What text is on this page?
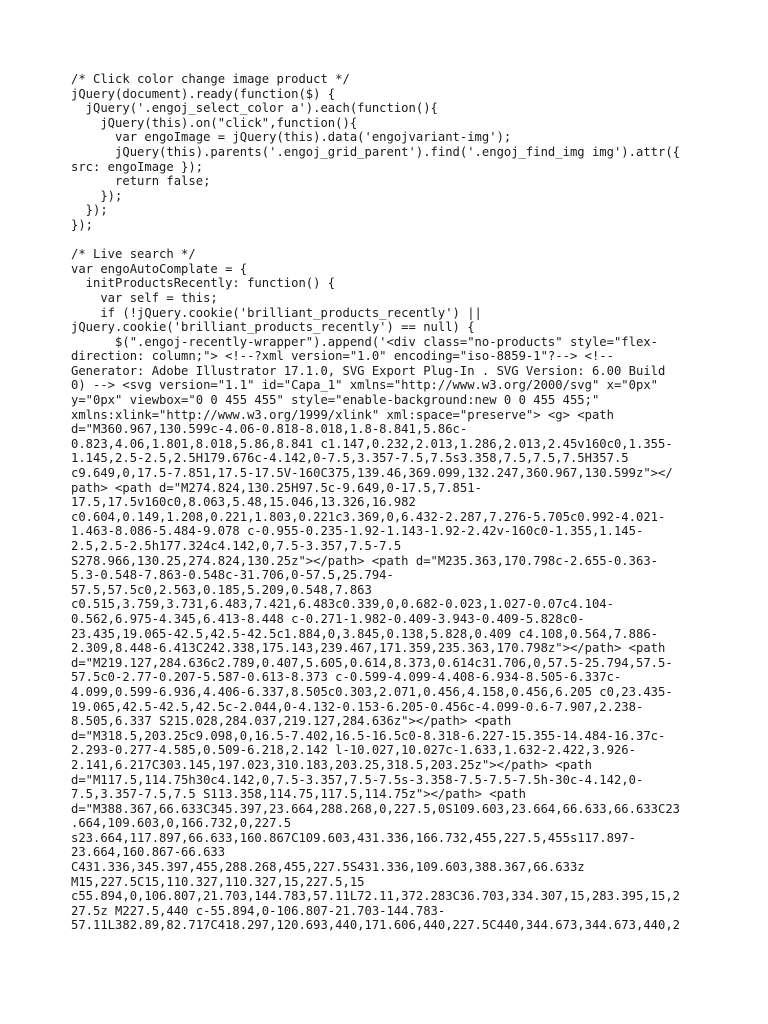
/* Click color change image product */
jQuery(document).ready(function($) {
jQuery('.engoj_select_color a').each(function(){
jQuery(this).on("click",function(){
var engoImage = jQuery(this).data('engojvariant-img');
jQuery(this).parents('.engoj_grid_parent').find('.engoj_find_img img').attr({
src: engoImage });
return false;
});
});
});
/* Live search */
var engoAutoComplate = {
initProductsRecently: function() {
var self = this;
if (!jQuery.cookie('brilliant_products_recently') ||
jQuery.cookie('brilliant_products_recently') == null) {
$(".engoj-recently-wrapper").append('<div class="no-products" style="flex-
direction: column;"> <!--?xml version="1.0" encoding="iso-8859-1"?--> <!--
Generator: Adobe Illustrator 17.1.0, SVG Export Plug-In . SVG Version: 6.00 Build
0) --> <svg version="1.1" id="Capa_1" xmlns="http://www.w3.org/2000/svg" x="0px"
y="0px" viewbox="0 0 455 455" style="enable-background:new 0 0 455 455;"
xmlns:xlink="http://www.w3.org/1999/xlink" xml:space="preserve"> <g> <path
d="M360.967,130.599c-4.06-0.818-8.018,1.8-8.841,5.86c-
0.823,4.06,1.801,8.018,5.86,8.841 c1.147,0.232,2.013,1.286,2.013,2.45v160c0,1.355-
1.145,2.5-2.5,2.5H179.676c-4.142,0-7.5,3.357-7.5,7.5s3.358,7.5,7.5,7.5H357.5
c9.649,0,17.5-7.851,17.5-17.5V-160C375,139.46,369.099,132.247,360.967,130.599z"></
path> <path d="M274.824,130.25H97.5c-9.649,0-17.5,7.851-
17.5,17.5v160c0,8.063,5.48,15.046,13.326,16.982
c0.604,0.149,1.208,0.221,1.803,0.221c3.369,0,6.432-2.287,7.276-5.705c0.992-4.021-
1.463-8.086-5.484-9.078 c-0.955-0.235-1.92-1.143-1.92-2.42v-160c0-1.355,1.145-
2.5,2.5-2.5h177.324c4.142,0,7.5-3.357,7.5-7.5
S278.966,130.25,274.824,130.25z"></path> <path d="M235.363,170.798c-2.655-0.363-
5.3-0.548-7.863-0.548c-31.706,0-57.5,25.794-
57.5,57.5c0,2.563,0.185,5.209,0.548,7.863
c0.515,3.759,3.731,6.483,7.421,6.483c0.339,0,0.682-0.023,1.027-0.07c4.104-
0.562,6.975-4.345,6.413-8.448 c-0.271-1.982-0.409-3.943-0.409-5.828c0-
23.435,19.065-42.5,42.5-42.5c1.884,0,3.845,0.138,5.828,0.409 c4.108,0.564,7.886-
2.309,8.448-6.413C242.338,175.143,239.467,171.359,235.363,170.798z"></path> <path
d="M219.127,284.636c2.789,0.407,5.605,0.614,8.373,0.614c31.706,0,57.5-25.794,57.5-
57.5c0-2.77-0.207-5.587-0.613-8.373 c-0.599-4.099-4.408-6.934-8.505-6.337c-
4.099,0.599-6.936,4.406-6.337,8.505c0.303,2.071,0.456,4.158,0.456,6.205 c0,23.435-
19.065,42.5-42.5,42.5c-2.044,0-4.132-0.153-6.205-0.456c-4.099-0.6-7.907,2.238-
8.505,6.337 S215.028,284.037,219.127,284.636z"></path> <path
d="M318.5,203.25c9.098,0,16.5-7.402,16.5-16.5c0-8.318-6.227-15.355-14.484-16.37c-
2.293-0.277-4.585,0.509-6.218,2.142 l-10.027,10.027c-1.633,1.632-2.422,3.926-
2.141,6.217C303.145,197.023,310.183,203.25,318.5,203.25z"></path> <path
d="M117.5,114.75h30c4.142,0,7.5-3.357,7.5-7.5s-3.358-7.5-7.5-7.5h-30c-4.142,0-
7.5,3.357-7.5,7.5 S113.358,114.75,117.5,114.75z"></path> <path
d="M388.367,66.633C345.397,23.664,288.268,0,227.5,0S109.603,23.664,66.633,66.633C23
.664,109.603,0,166.732,0,227.5
s23.664,117.897,66.633,160.867C109.603,431.336,166.732,455,227.5,455s117.897-
23.664,160.867-66.633
C431.336,345.397,455,288.268,455,227.5S431.336,109.603,388.367,66.633z
M15,227.5C15,110.327,110.327,15,227.5,15
c55.894,0,106.807,21.703,144.783,57.11L72.11,372.283C36.703,334.307,15,283.395,15,2
27.5z M227.5,440 c-55.894,0-106.807-21.703-144.783-
57.11L382.89,82.717C418.297,120.693,440,171.606,440,227.5C440,344.673,344.673,440,2
